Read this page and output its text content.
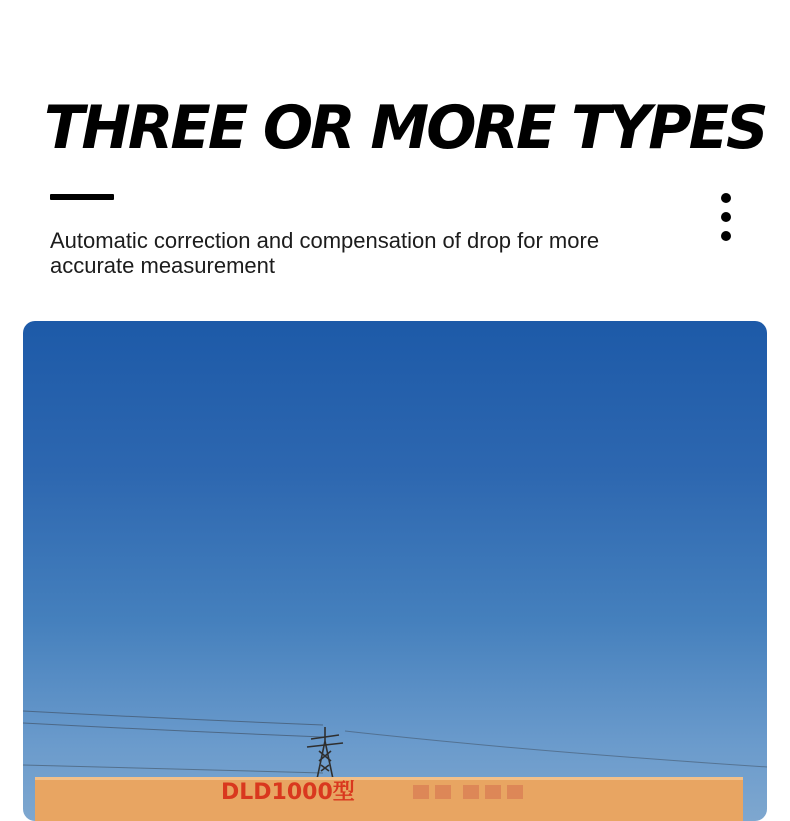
THREE OR MORE TYPES

Automatic correction and compensation of drop for more
accurate measurement

DLD1000型
